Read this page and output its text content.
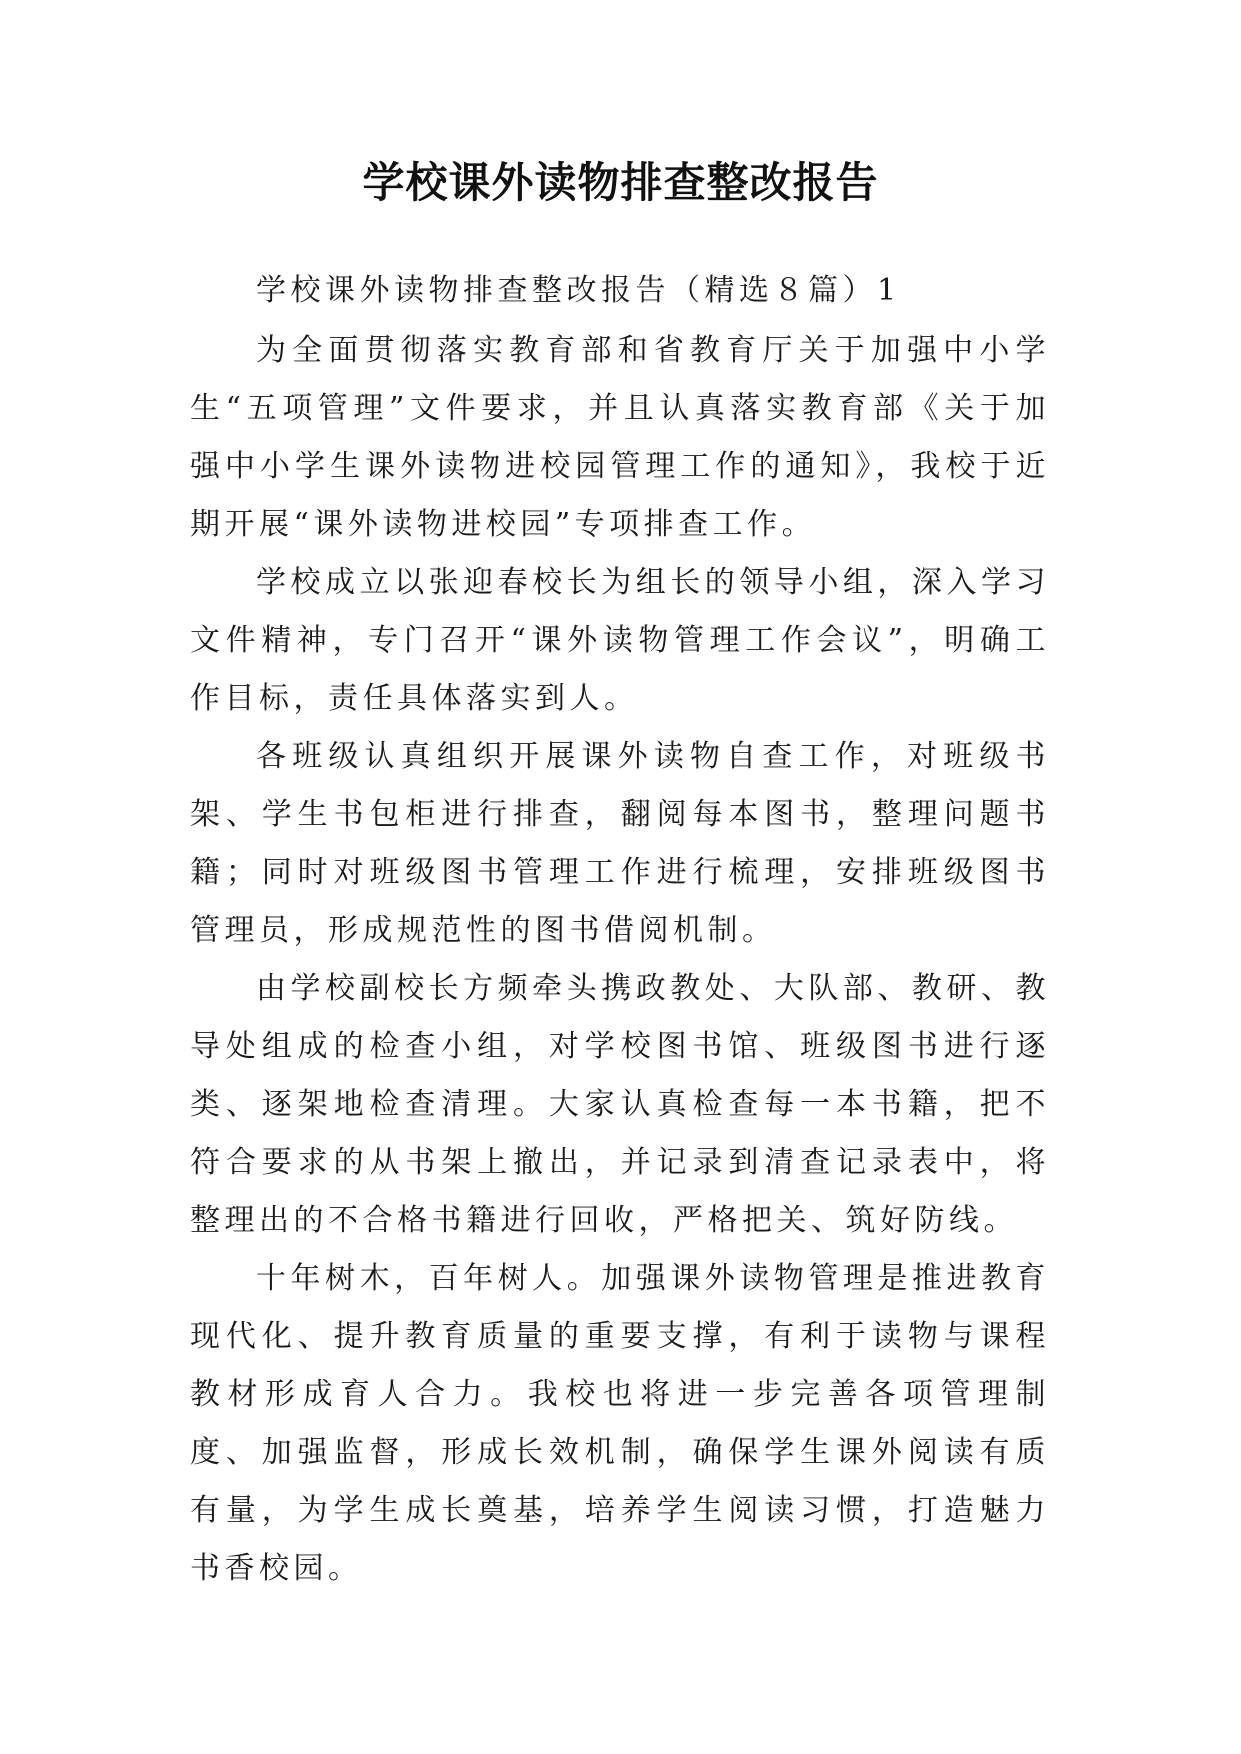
学校课外读物排查整改报告

学校课外读物排查整改报告（精选８篇）1

为全面贯彻落实教育部和省教育厅关于加强中小学生“五项管理”文件要求，并且认真落实教育部《关于加强中小学生课外读物进校园管理工作的通知》，我校于近期开展“课外读物进校园”专项排查工作。

学校成立以张迎春校长为组长的领导小组，深入学习文件精神，专门召开“课外读物管理工作会议”，明确工作目标，责任具体落实到人。

各班级认真组织开展课外读物自查工作，对班级书架、学生书包柜进行排查，翻阅每本图书，整理问题书籍；同时对班级图书管理工作进行梳理，安排班级图书管理员，形成规范性的图书借阅机制。

由学校副校长方频牵头携政教处、大队部、教研、教导处组成的检查小组，对学校图书馆、班级图书进行逐类、逐架地检查清理。大家认真检查每一本书籍，把不符合要求的从书架上撤出，并记录到清查记录表中，将整理出的不合格书籍进行回收，严格把关、筑好防线。

十年树木，百年树人。加强课外读物管理是推进教育现代化、提升教育质量的重要支撑，有利于读物与课程教材形成育人合力。我校也将进一步完善各项管理制度、加强监督，形成长效机制，确保学生课外阅读有质有量，为学生成长奠基，培养学生阅读习惯，打造魅力书香校园。
